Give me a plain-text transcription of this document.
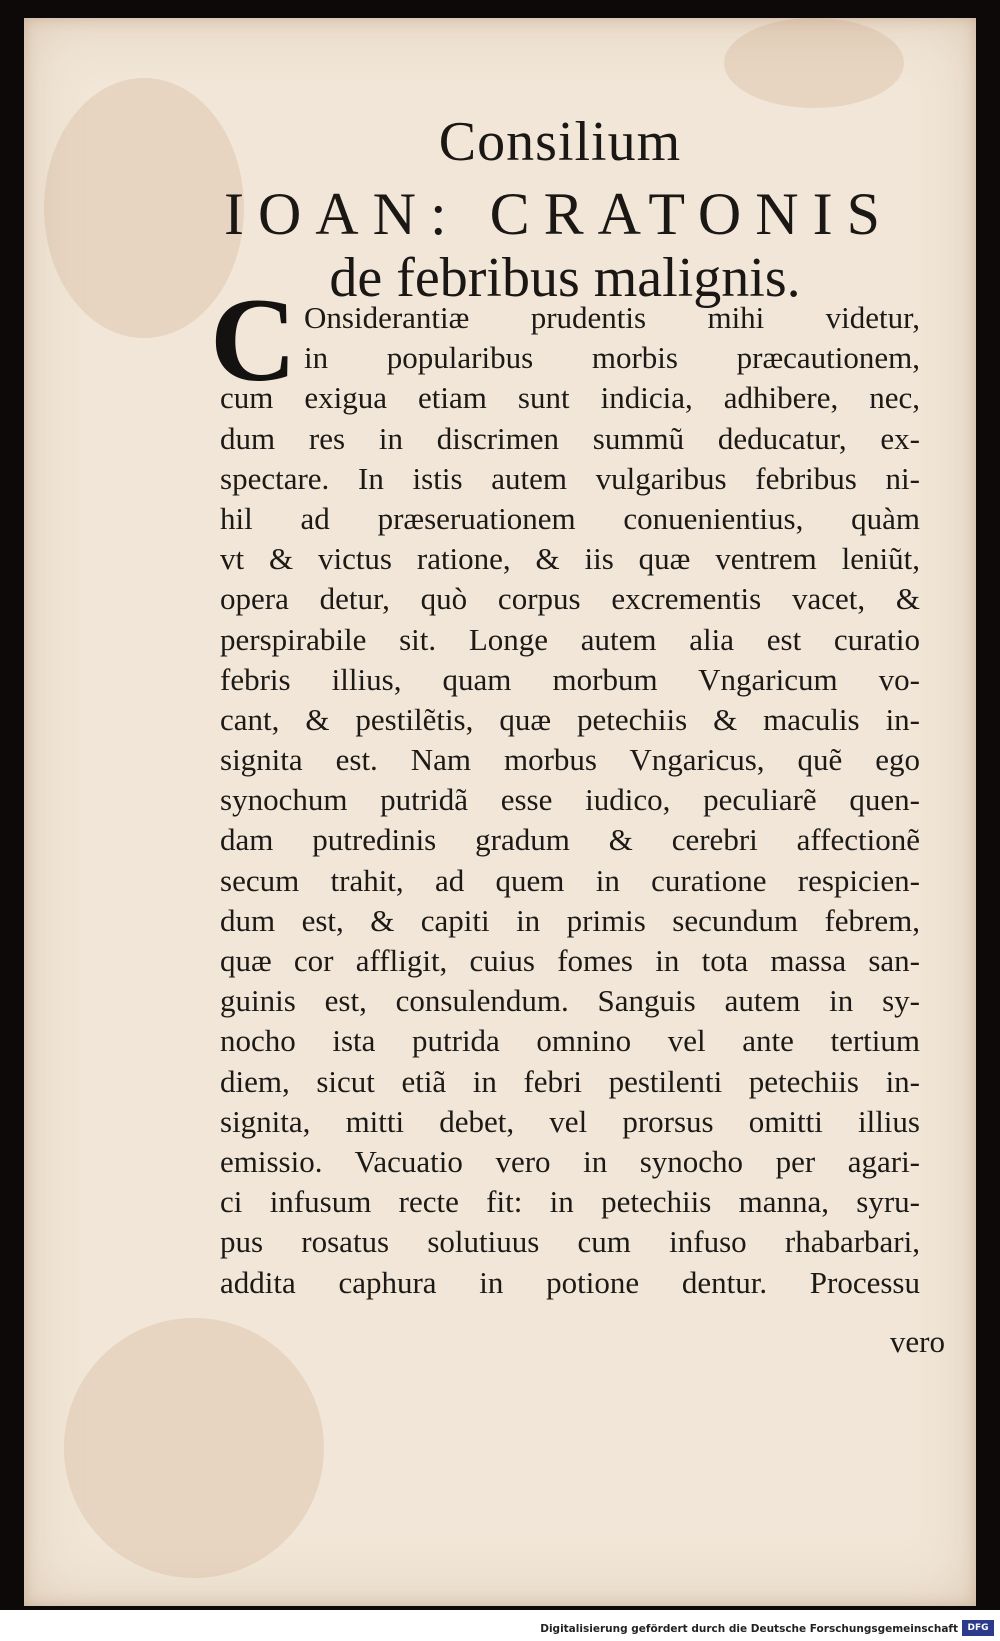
Consilium
IOAN: CRATONIS
de febribus malignis.
C Onsiderantiæ prudentis mihi videtur,
in popularibus morbis præcautionem,
cum exigua etiam sunt indicia, adhibere, nec,
dum res in discrimen summũ deducatur, ex-
spectare. In istis autem vulgaribus febribus ni-
hil ad præseruationem conuenientius, quàm
vt & victus ratione, & iis quæ ventrem leniũt,
opera detur, quò corpus excrementis vacet, &
perspirabile sit. Longe autem alia est curatio
febris illius, quam morbum Vngaricum vo-
cant, & pestilẽtis, quæ petechiis & maculis in-
signita est. Nam morbus Vngaricus, quẽ ego
synochum putridã esse iudico, peculiarẽ quen-
dam putredinis gradum & cerebri affectionẽ
secum trahit, ad quem in curatione respicien-
dum est, & capiti in primis secundum febrem,
quæ cor affligit, cuius fomes in tota massa san-
guinis est, consulendum. Sanguis autem in sy-
nocho ista putrida omnino vel ante tertium
diem, sicut etiã in febri pestilenti petechiis in-
signita, mitti debet, vel prorsus omitti illius
emissio. Vacuatio vero in synocho per agari-
ci infusum recte fit: in petechiis manna, syru-
pus rosatus solutiuus cum infuso rhabarbari,
addita caphura in potione dentur. Processu
vero
Digitalisierung gefördert durch die Deutsche Forschungsgemeinschaft	DFG
